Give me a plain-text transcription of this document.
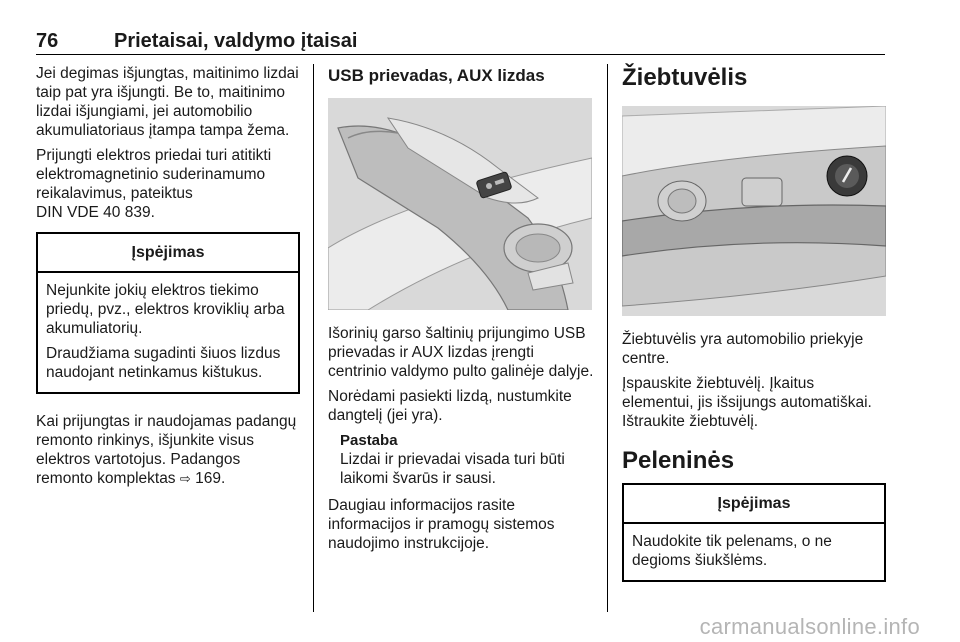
76	Prietaisai, valdymo įtaisai

Jei degimas išjungtas, maitinimo lizdai taip pat yra išjungti. Be to, maitinimo lizdai išjungiami, jei automobilio akumuliatoriaus įtampa tampa žema.

Prijungti elektros priedai turi atitikti elektromagnetinio suderinamumo reikalavimus, pateiktus
DIN VDE 40 839.

Įspėjimas

Nejunkite jokių elektros tiekimo priedų, pvz., elektros kroviklių arba akumuliatorių.

Draudžiama sugadinti šiuos lizdus naudojant netinkamus kištukus.

Kai prijungtas ir naudojamas padangų remonto rinkinys, išjunkite visus elektros vartotojus. Padangos remonto komplektas ⇨ 169.

USB prievadas, AUX lizdas

Išorinių garso šaltinių prijungimo USB prievadas ir AUX lizdas įrengti centrinio valdymo pulto galinėje dalyje.

Norėdami pasiekti lizdą, nustumkite dangtelį (jei yra).

Pastaba

Lizdai ir prievadai visada turi būti laikomi švarūs ir sausi.

Daugiau informacijos rasite informacijos ir pramogų sistemos naudojimo instrukcijoje.

Žiebtuvėlis

Žiebtuvėlis yra automobilio priekyje centre.

Įspauskite žiebtuvėlį. Įkaitus elementui, jis išsijungs automatiškai. Ištraukite žiebtuvėlį.

Peleninės
Įspėjimas

Naudokite tik pelenams, o ne degioms šiukšlėms.

carmanualsonline.info
